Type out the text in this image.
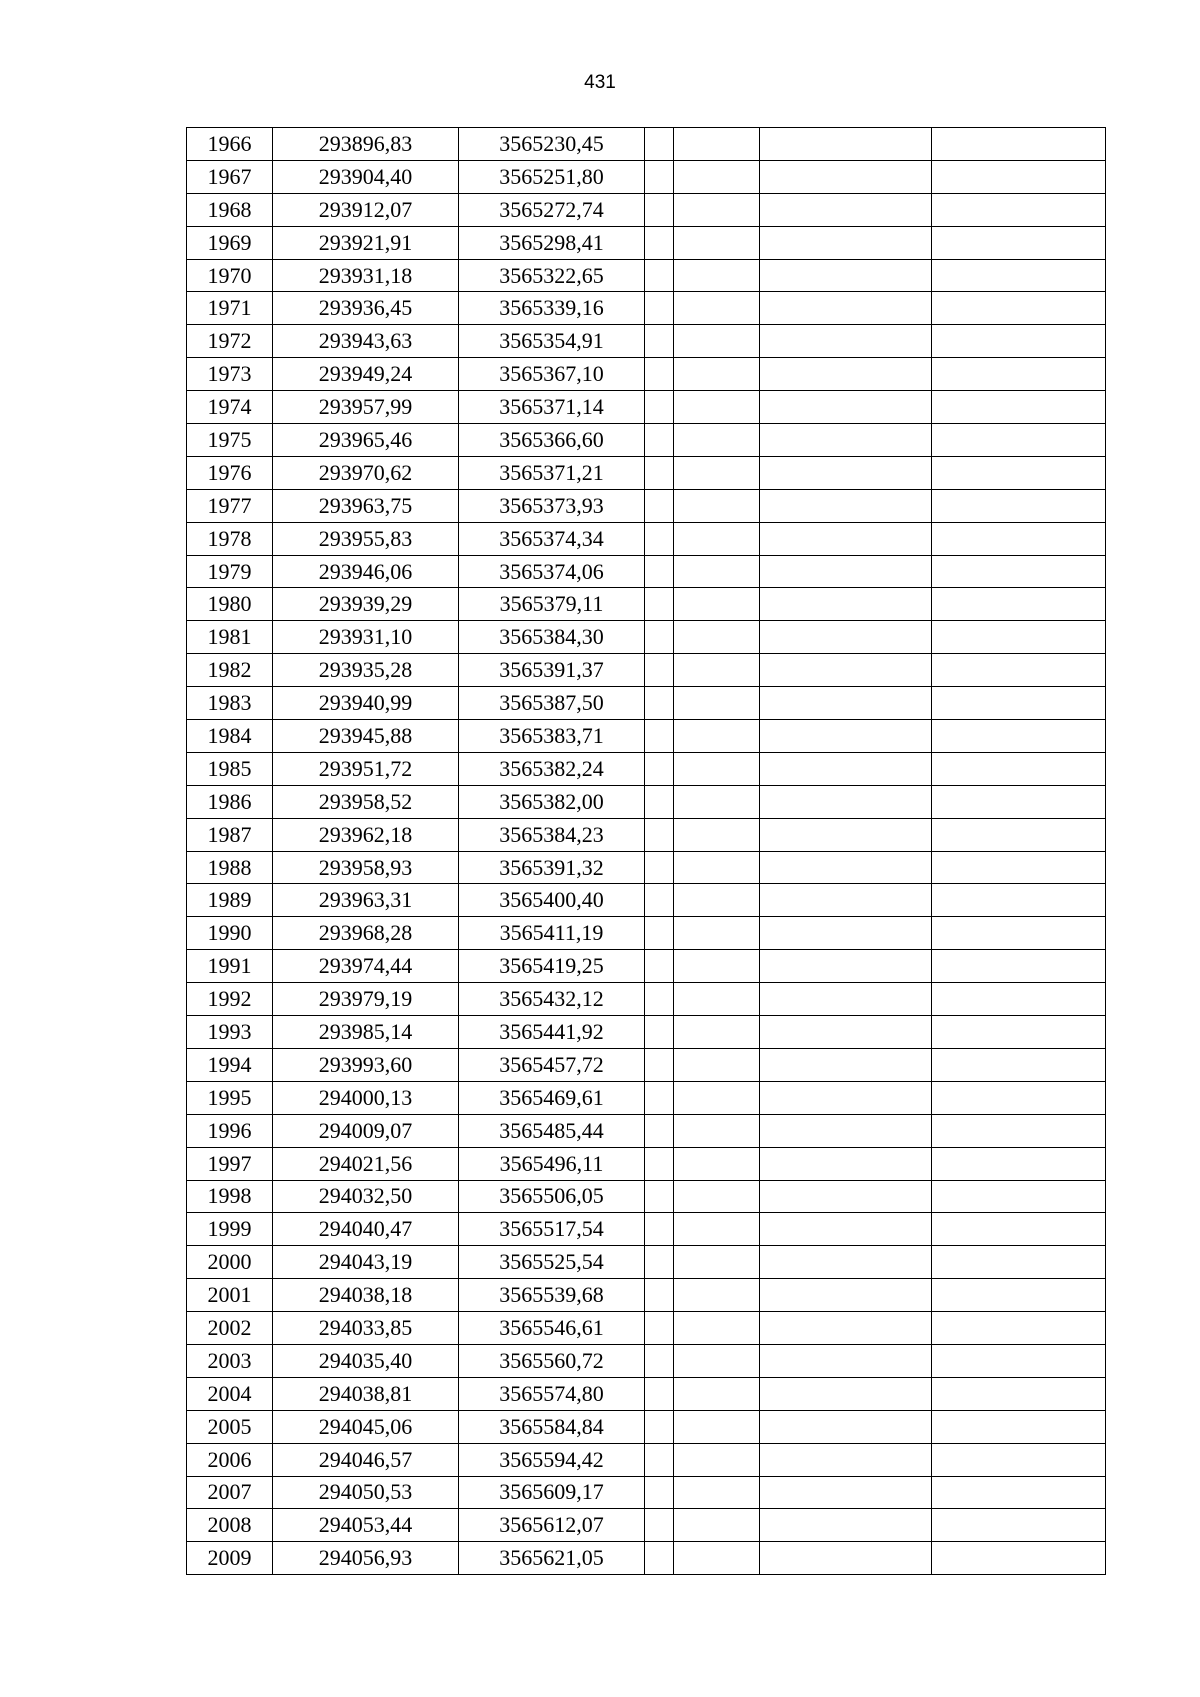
431
1966	293896,83	3565230,45				
1967	293904,40	3565251,80				
1968	293912,07	3565272,74				
1969	293921,91	3565298,41				
1970	293931,18	3565322,65				
1971	293936,45	3565339,16				
1972	293943,63	3565354,91				
1973	293949,24	3565367,10				
1974	293957,99	3565371,14				
1975	293965,46	3565366,60				
1976	293970,62	3565371,21				
1977	293963,75	3565373,93				
1978	293955,83	3565374,34				
1979	293946,06	3565374,06				
1980	293939,29	3565379,11				
1981	293931,10	3565384,30				
1982	293935,28	3565391,37				
1983	293940,99	3565387,50				
1984	293945,88	3565383,71				
1985	293951,72	3565382,24				
1986	293958,52	3565382,00				
1987	293962,18	3565384,23				
1988	293958,93	3565391,32				
1989	293963,31	3565400,40				
1990	293968,28	3565411,19				
1991	293974,44	3565419,25				
1992	293979,19	3565432,12				
1993	293985,14	3565441,92				
1994	293993,60	3565457,72				
1995	294000,13	3565469,61				
1996	294009,07	3565485,44				
1997	294021,56	3565496,11				
1998	294032,50	3565506,05				
1999	294040,47	3565517,54				
2000	294043,19	3565525,54				
2001	294038,18	3565539,68				
2002	294033,85	3565546,61				
2003	294035,40	3565560,72				
2004	294038,81	3565574,80				
2005	294045,06	3565584,84				
2006	294046,57	3565594,42				
2007	294050,53	3565609,17				
2008	294053,44	3565612,07				
2009	294056,93	3565621,05				
